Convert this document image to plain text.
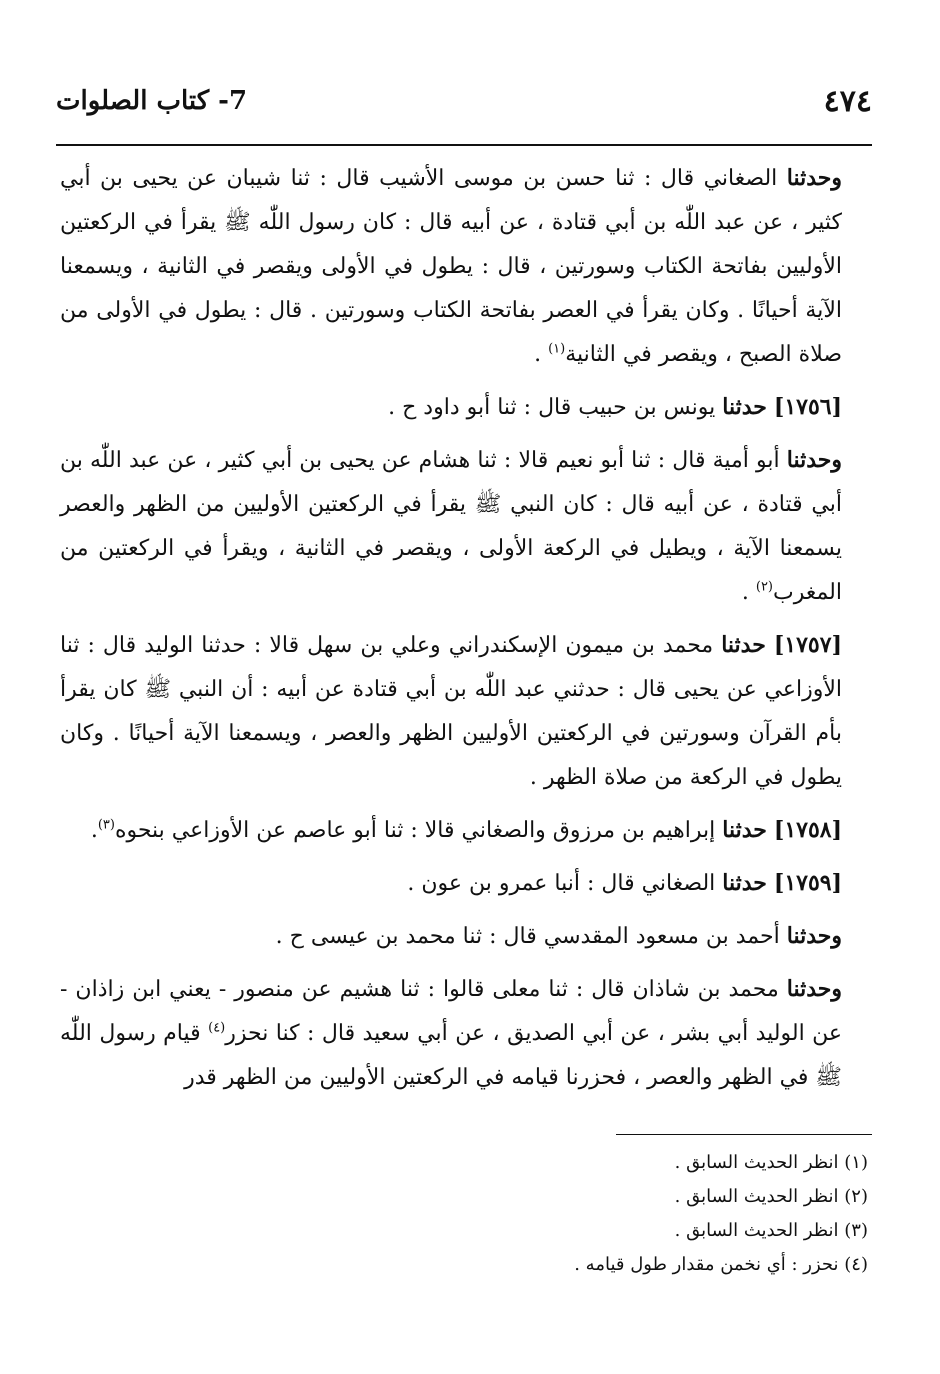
٤٧٤
7- كتاب الصلوات

وحدثنا الصغاني قال : ثنا حسن بن موسى الأشيب قال : ثنا شيبان عن يحيى بن أبي كثير ، عن عبد اللّٰه بن أبي قتادة ، عن أبيه قال : كان رسول اللّٰه ﷺ يقرأ في الركعتين الأوليين بفاتحة الكتاب وسورتين ، قال : يطول في الأولى ويقصر في الثانية ، ويسمعنا الآية أحيانًا . وكان يقرأ في العصر بفاتحة الكتاب وسورتين . قال : يطول في الأولى من صلاة الصبح ، ويقصر في الثانية$^{(١)}$ .

[١٧٥٦] حدثنا يونس بن حبيب قال : ثنا أبو داود ح .

وحدثنا أبو أمية قال : ثنا أبو نعيم قالا : ثنا هشام عن يحيى بن أبي كثير ، عن عبد اللّٰه بن أبي قتادة ، عن أبيه قال : كان النبي ﷺ يقرأ في الركعتين الأوليين من الظهر والعصر يسمعنا الآية ، ويطيل في الركعة الأولى ، ويقصر في الثانية ، ويقرأ في الركعتين من المغرب$^{(٢)}$ .

[١٧٥٧] حدثنا محمد بن ميمون الإسكندراني وعلي بن سهل قالا : حدثنا الوليد قال : ثنا الأوزاعي عن يحيى قال : حدثني عبد اللّٰه بن أبي قتادة عن أبيه : أن النبي ﷺ كان يقرأ بأم القرآن وسورتين في الركعتين الأوليين الظهر والعصر ، ويسمعنا الآية أحيانًا . وكان يطول في الركعة من صلاة الظهر .

[١٧٥٨] حدثنا إبراهيم بن مرزوق والصغاني قالا : ثنا أبو عاصم عن الأوزاعي بنحوه$^{(٣)}$.

[١٧٥٩] حدثنا الصغاني قال : أنبا عمرو بن عون .

وحدثنا أحمد بن مسعود المقدسي قال : ثنا محمد بن عيسى ح .

وحدثنا محمد بن شاذان قال : ثنا معلى قالوا : ثنا هشيم عن منصور - يعني ابن زاذان - عن الوليد أبي بشر ، عن أبي الصديق ، عن أبي سعيد قال : كنا نحزر$^{(٤)}$ قيام رسول اللّٰه ﷺ في الظهر والعصر ، فحزرنا قيامه في الركعتين الأوليين من الظهر قدر

(١) انظر الحديث السابق .

(٢) انظر الحديث السابق .

(٣) انظر الحديث السابق .

(٤) نحزر : أي نخمن مقدار طول قيامه .
